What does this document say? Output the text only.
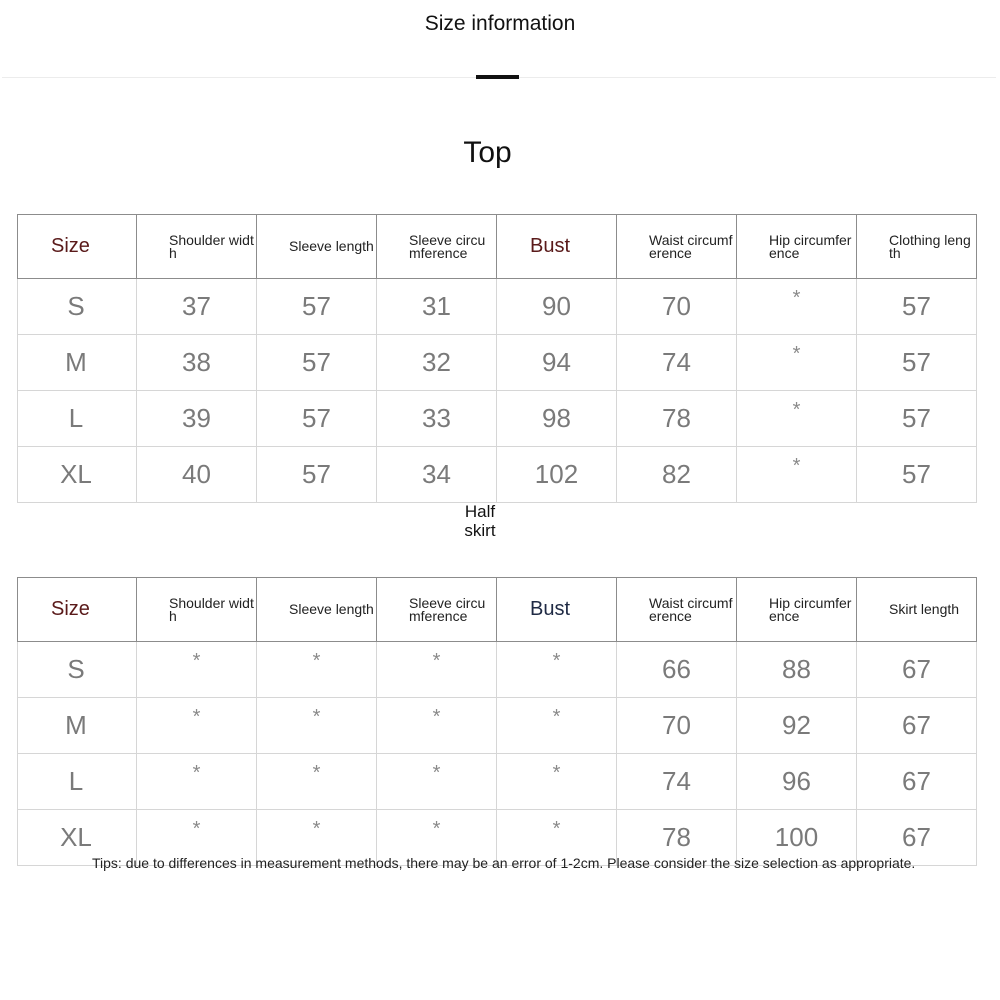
Size information
Top
Size	Shoulder width	Sleeve length	Sleeve circumference	Bust	Waist circumference	Hip circumference	Clothing length

S	37	57	31	90	70	*	57
M	38	57	32	94	74	*	57
L	39	57	33	98	78	*	57
XL	40	57	34	102	82	*	57
Half
skirt
Size	Shoulder width	Sleeve length	Sleeve circumference	Bust	Waist circumference	Hip circumference	Skirt length

S	*	*	*	*	66	88	67
M	*	*	*	*	70	92	67
L	*	*	*	*	74	96	67
XL	*	*	*	*	78	100	67
Tips: due to differences in measurement methods, there may be an error of 1-2cm. Please consider the size selection as appropriate.
